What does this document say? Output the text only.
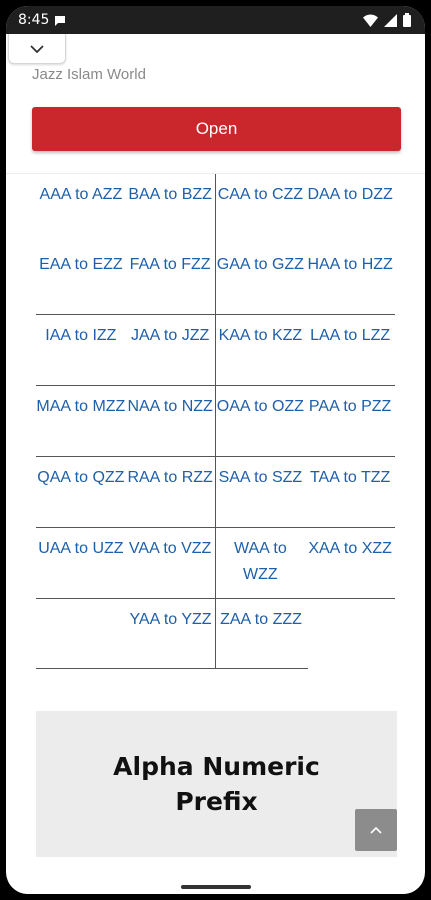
8:45
Jazz Islam World
Open
AAA to AZZ BAA to BZZ CAA to CZZ DAA to DZZ
EAA to EZZ FAA to FZZ GAA to GZZ HAA to HZZ
IAA to IZZ JAA to JZZ KAA to KZZ LAA to LZZ
MAA to MZZ NAA to NZZ OAA to OZZ PAA to PZZ
QAA to QZZ RAA to RZZ SAA to SZZ TAA to TZZ
UAA to UZZ VAA to VZZ	WAA to WZZ
XAA to XZZ
YAA to YZZ ZAA to ZZZ
Alpha Numeric Prefix
